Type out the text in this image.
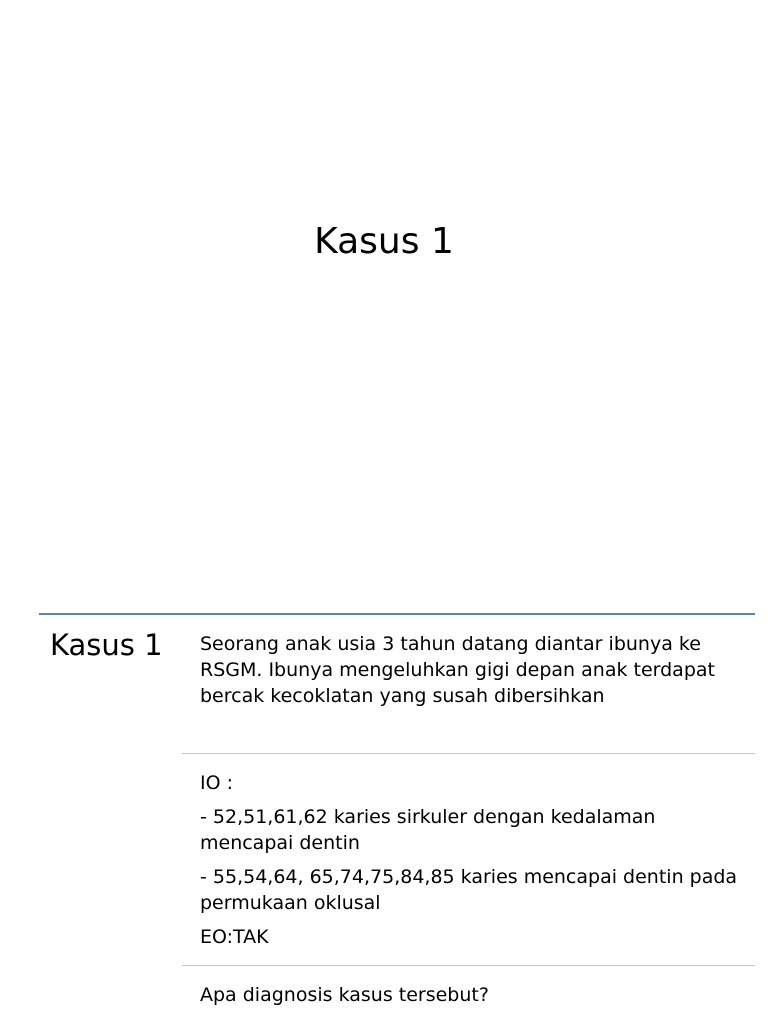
Kasus 1
Kasus 1 Seorang anak usia 3 tahun datang diantar ibunya ke RSGM. Ibunya mengeluhkan gigi depan anak terdapat bercak kecoklatan yang susah dibersihkan

IO :

- 52,51,61,62 karies sirkuler dengan kedalaman mencapai dentin

- 55,54,64, 65,74,75,84,85 karies mencapai dentin pada permukaan oklusal

EO:TAK

Apa diagnosis kasus tersebut?
